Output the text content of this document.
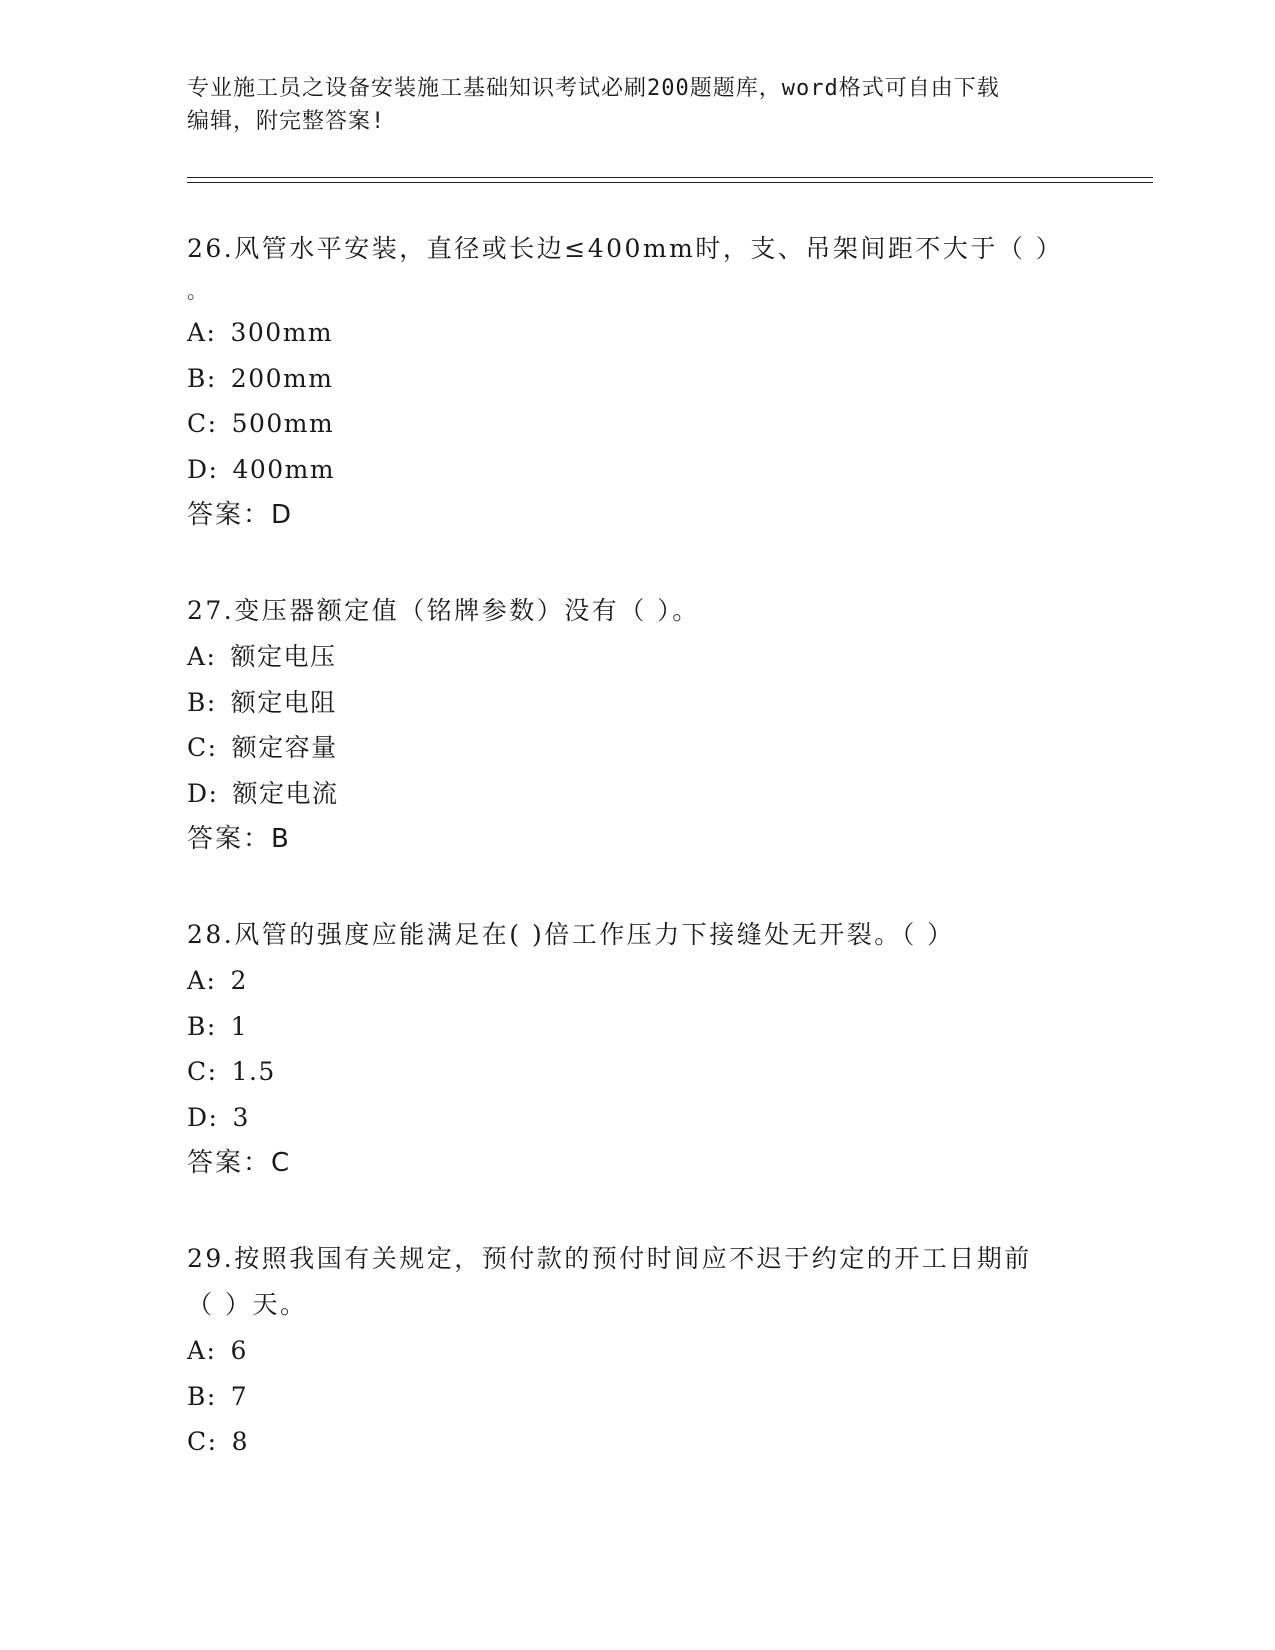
专业施工员之设备安装施工基础知识考试必刷200题题库，word格式可自由下载
编辑，附完整答案!

26.风管水平安装，直径或长边≤400mm时，支、吊架间距不大于（ ）

。

A: 300mm

B: 200mm

C: 500mm

D: 400mm

答案：D

27.变压器额定值（铭牌参数）没有（ ）。

A: 额定电压

B: 额定电阻

C: 额定容量

D: 额定电流

答案：B

28.风管的强度应能满足在( )倍工作压力下接缝处无开裂。（ ）

A: 2

B: 1

C: 1.5

D: 3

答案：C

29.按照我国有关规定，预付款的预付时间应不迟于约定的开工日期前

（ ）天。

A: 6

B: 7

C: 8
